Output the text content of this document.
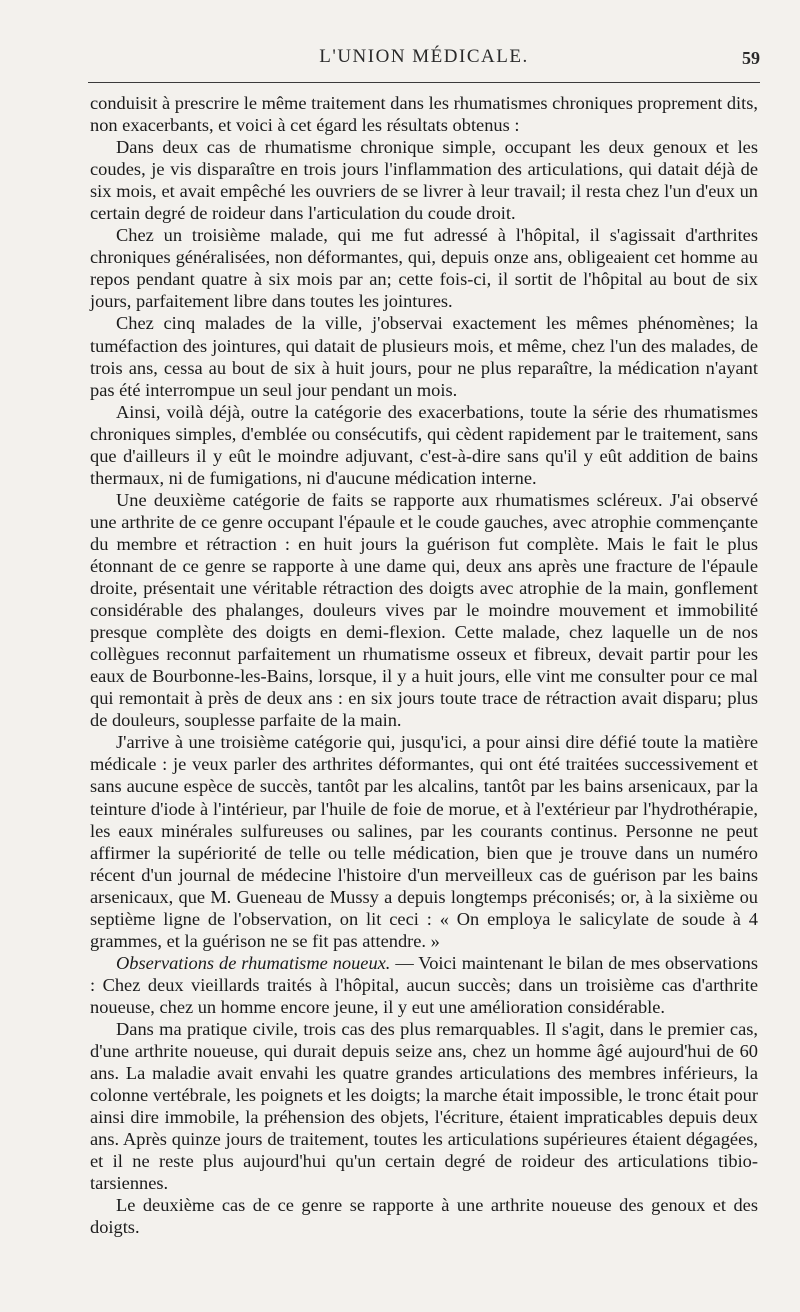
L'UNION MÉDICALE.	59

conduisit à prescrire le même traitement dans les rhumatismes chroniques proprement dits, non exacerbants, et voici à cet égard les résultats obtenus :

Dans deux cas de rhumatisme chronique simple, occupant les deux genoux et les coudes, je vis disparaître en trois jours l'inflammation des articulations, qui datait déjà de six mois, et avait empêché les ouvriers de se livrer à leur travail; il resta chez l'un d'eux un certain degré de roideur dans l'articulation du coude droit.

Chez un troisième malade, qui me fut adressé à l'hôpital, il s'agissait d'arthrites chroniques généralisées, non déformantes, qui, depuis onze ans, obligeaient cet homme au repos pendant quatre à six mois par an; cette fois-ci, il sortit de l'hôpital au bout de six jours, parfaitement libre dans toutes les jointures.

Chez cinq malades de la ville, j'observai exactement les mêmes phénomènes; la tuméfaction des jointures, qui datait de plusieurs mois, et même, chez l'un des malades, de trois ans, cessa au bout de six à huit jours, pour ne plus reparaître, la médication n'ayant pas été interrompue un seul jour pendant un mois.

Ainsi, voilà déjà, outre la catégorie des exacerbations, toute la série des rhumatismes chroniques simples, d'emblée ou consécutifs, qui cèdent rapidement par le traitement, sans que d'ailleurs il y eût le moindre adjuvant, c'est-à-dire sans qu'il y eût addition de bains thermaux, ni de fumigations, ni d'aucune médication interne.

Une deuxième catégorie de faits se rapporte aux rhumatismes scléreux. J'ai observé une arthrite de ce genre occupant l'épaule et le coude gauches, avec atrophie commençante du membre et rétraction : en huit jours la guérison fut complète. Mais le fait le plus étonnant de ce genre se rapporte à une dame qui, deux ans après une fracture de l'épaule droite, présentait une véritable rétraction des doigts avec atrophie de la main, gonflement considérable des phalanges, douleurs vives par le moindre mouvement et immobilité presque complète des doigts en demi-flexion. Cette malade, chez laquelle un de nos collègues reconnut parfaitement un rhumatisme osseux et fibreux, devait partir pour les eaux de Bourbonne-les-Bains, lorsque, il y a huit jours, elle vint me consulter pour ce mal qui remontait à près de deux ans : en six jours toute trace de rétraction avait disparu; plus de douleurs, souplesse parfaite de la main.

J'arrive à une troisième catégorie qui, jusqu'ici, a pour ainsi dire défié toute la matière médicale : je veux parler des arthrites déformantes, qui ont été traitées successivement et sans aucune espèce de succès, tantôt par les alcalins, tantôt par les bains arsenicaux, par la teinture d'iode à l'intérieur, par l'huile de foie de morue, et à l'extérieur par l'hydrothérapie, les eaux minérales sulfureuses ou salines, par les courants continus. Personne ne peut affirmer la supériorité de telle ou telle médication, bien que je trouve dans un numéro récent d'un journal de médecine l'histoire d'un merveilleux cas de guérison par les bains arsenicaux, que M. Gueneau de Mussy a depuis longtemps préconisés; or, à la sixième ou septième ligne de l'observation, on lit ceci : « On employa le salicylate de soude à 4 grammes, et la guérison ne se fit pas attendre. »

Observations de rhumatisme noueux. — Voici maintenant le bilan de mes observations : Chez deux vieillards traités à l'hôpital, aucun succès; dans un troisième cas d'arthrite noueuse, chez un homme encore jeune, il y eut une amélioration considérable.

Dans ma pratique civile, trois cas des plus remarquables. Il s'agit, dans le premier cas, d'une arthrite noueuse, qui durait depuis seize ans, chez un homme âgé aujourd'hui de 60 ans. La maladie avait envahi les quatre grandes articulations des membres inférieurs, la colonne vertébrale, les poignets et les doigts; la marche était impossible, le tronc était pour ainsi dire immobile, la préhension des objets, l'écriture, étaient impraticables depuis deux ans. Après quinze jours de traitement, toutes les articulations supérieures étaient dégagées, et il ne reste plus aujourd'hui qu'un certain degré de roideur des articulations tibio-tarsiennes.

Le deuxième cas de ce genre se rapporte à une arthrite noueuse des genoux et des doigts.
